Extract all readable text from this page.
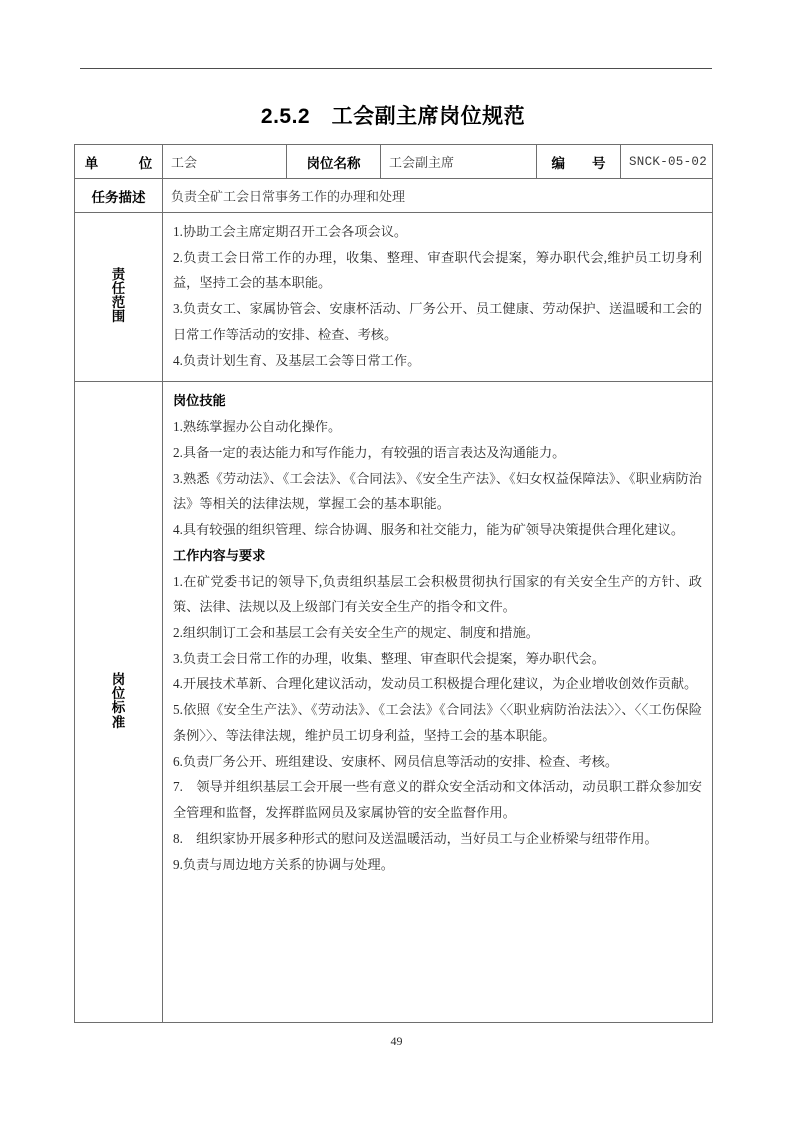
2.5.2　工会副主席岗位规范
单　　　位	工会	岗位名称	工会副主席	编　　号	SNCK-05-02
任务描述	负责全矿工会日常事务工作的办理和处理				
责任范围	1.协助工会主席定期召开工会各项会议。

2.负责工会日常工作的办理，收集、整理、审查职代会提案，筹办职代会,维护员工切身利益，坚持工会的基本职能。

3.负责女工、家属协管会、安康杯活动、厂务公开、员工健康、劳动保护、送温暖和工会的日常工作等活动的安排、检查、考核。

4.负责计划生育、及基层工会等日常工作。				

岗位标准	

岗位技能

1.熟练掌握办公自动化操作。

2.具备一定的表达能力和写作能力，有较强的语言表达及沟通能力。

3.熟悉《劳动法》、《工会法》、《合同法》、《安全生产法》、《妇女权益保障法》、《职业病防治法》等相关的法律法规，掌握工会的基本职能。

4.具有较强的组织管理、综合协调、服务和社交能力，能为矿领导决策提供合理化建议。

工作内容与要求

1.在矿党委书记的领导下,负责组织基层工会积极贯彻执行国家的有关安全生产的方针、政策、法律、法规以及上级部门有关安全生产的指令和文件。

2.组织制订工会和基层工会有关安全生产的规定、制度和措施。

3.负责工会日常工作的办理，收集、整理、审查职代会提案，筹办职代会。

4.开展技术革新、合理化建议活动，发动员工积极提合理化建议，为企业增收创效作贡献。

5.依照《安全生产法》、《劳动法》、《工会法》《合同法》〈〈职业病防治法法〉〉、〈〈工伤保险条例〉〉、等法律法规，维护员工切身利益，坚持工会的基本职能。

6.负责厂务公开、班组建设、安康杯、网员信息等活动的安排、检查、考核。

7.　领导并组织基层工会开展一些有意义的群众安全活动和文体活动，动员职工群众参加安全管理和监督，发挥群监网员及家属协管的安全监督作用。

8.　组织家协开展多种形式的慰问及送温暖活动，当好员工与企业桥梁与纽带作用。

9.负责与周边地方关系的协调与处理。

49
